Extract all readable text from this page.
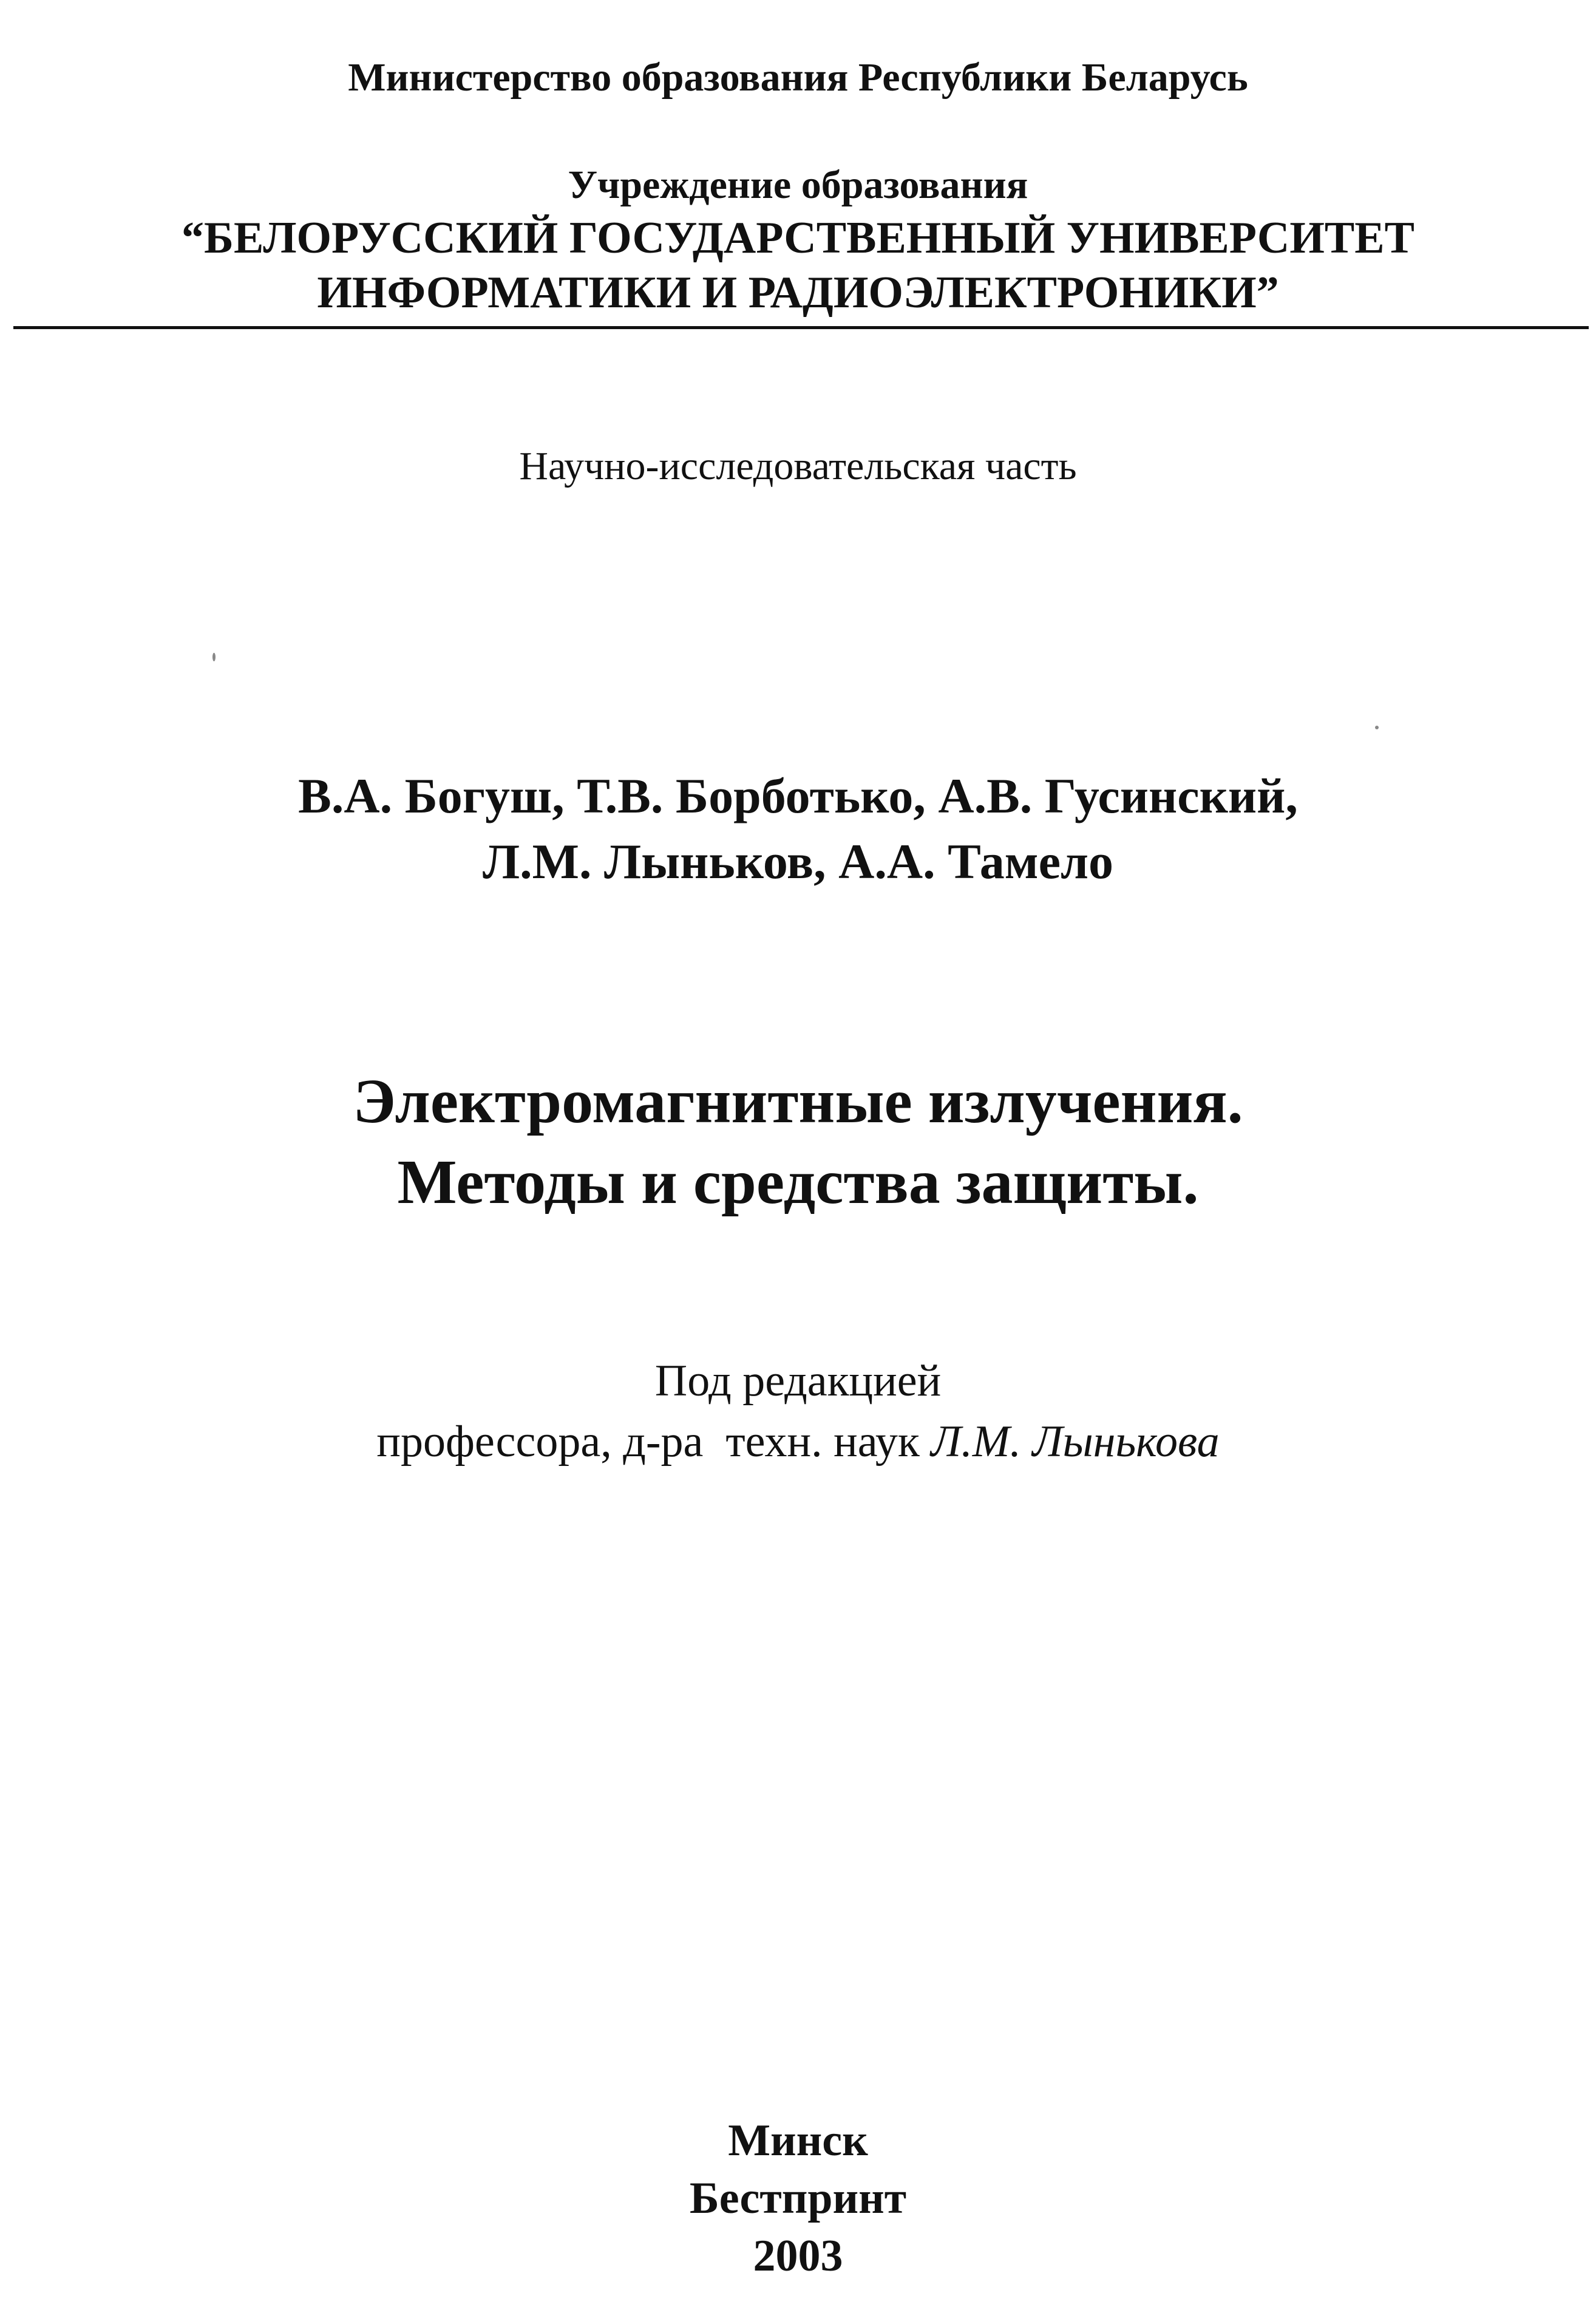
Министерство образования Республики Беларусь
Учреждение образования
“БЕЛОРУССКИЙ ГОСУДАРСТВЕННЫЙ УНИВЕРСИТЕТ
ИНФОРМАТИКИ И РАДИОЭЛЕКТРОНИКИ”
Научно-исследовательская часть
В.А. Богуш, Т.В. Борботько, А.В. Гусинский,
Л.М. Лыньков, А.А. Тамело
Электромагнитные излучения.
Методы и средства защиты.
Под редакцией
профессора, д-ра  техн. наук Л.М. Лынькова
Минск
Бестпринт
2003
